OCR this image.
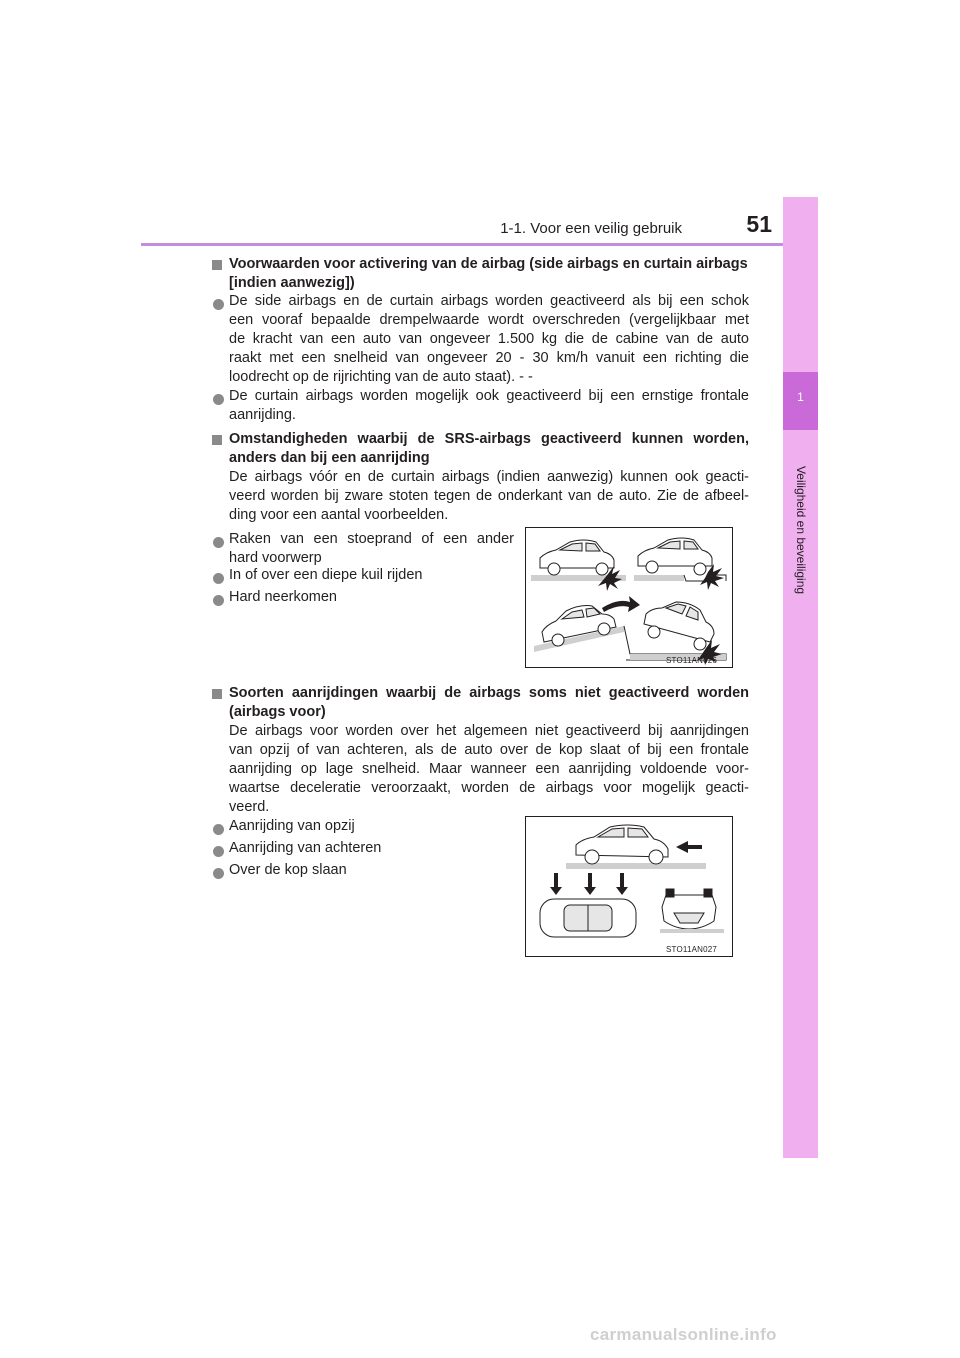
1-1. Voor een veilig gebruik	51
1
Veiligheid en beveiliging
Voorwaarden voor activering van de airbag (side airbags en curtain airbags
[indien aanwezig])
De side airbags en de curtain airbags worden geactiveerd als bij een schok
een vooraf bepaalde drempelwaarde wordt overschreden (vergelijkbaar met
de kracht van een auto van ongeveer 1.500 kg die de cabine van de auto
raakt met een snelheid van ongeveer 20 - 30 km/h vanuit een richting die
loodrecht op de rijrichting van de auto staat). - -
De curtain airbags worden mogelijk ook geactiveerd bij een ernstige frontale
aanrijding.
Omstandigheden waarbij de SRS-airbags geactiveerd kunnen worden,
anders dan bij een aanrijding
De airbags vóór en de curtain airbags (indien aanwezig) kunnen ook geacti-
veerd worden bij zware stoten tegen de onderkant van de auto. Zie de afbeel-
ding voor een aantal voorbeelden.
Raken van een stoeprand of een ander
hard voorwerp
In of over een diepe kuil rijden
Hard neerkomen
STO11AN026
Soorten aanrijdingen waarbij de airbags soms niet geactiveerd worden
(airbags voor)
De airbags voor worden over het algemeen niet geactiveerd bij aanrijdingen
van opzij of van achteren, als de auto over de kop slaat of bij een frontale
aanrijding op lage snelheid. Maar wanneer een aanrijding voldoende voor-
waartse deceleratie veroorzaakt, worden de airbags voor mogelijk geacti-
veerd.
Aanrijding van opzij
Aanrijding van achteren
Over de kop slaan
STO11AN027
carmanualsonline.info
